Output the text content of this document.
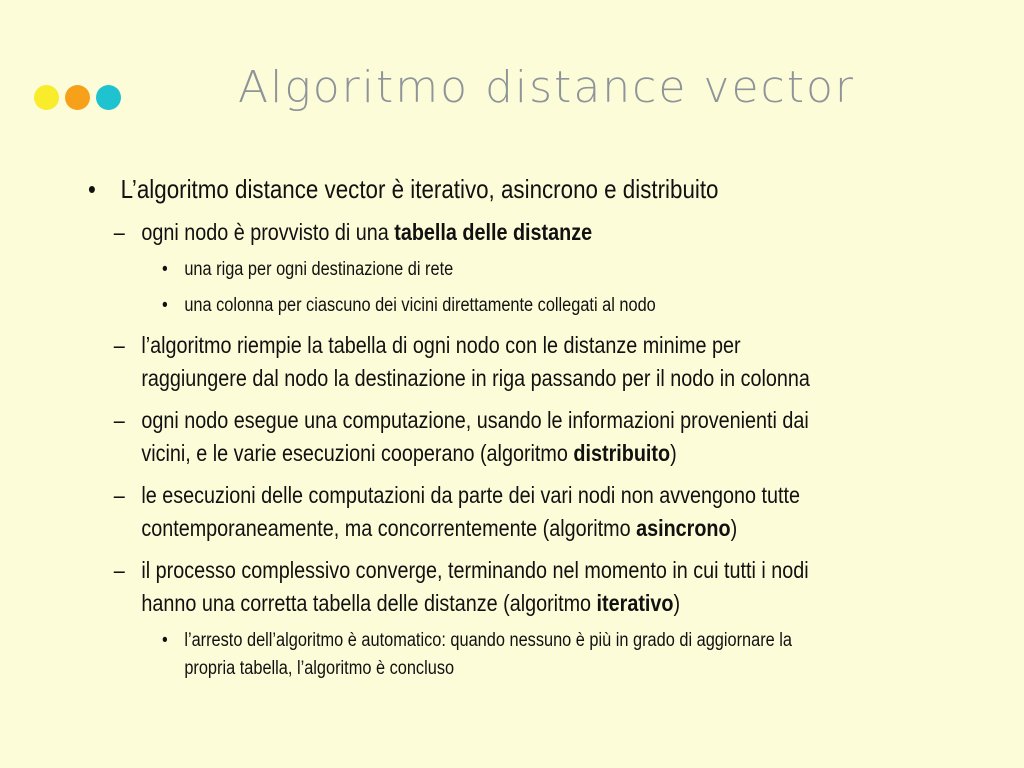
Algoritmo distance vector
• L’algoritmo distance vector è iterativo, asincrono e distribuito
– ogni nodo è provvisto di una tabella delle distanze
• una riga per ogni destinazione di rete
• una colonna per ciascuno dei vicini direttamente collegati al nodo
– l’algoritmo riempie la tabella di ogni nodo con le distanze minime per raggiungere dal nodo la destinazione in riga passando per il nodo in colonna
– ogni nodo esegue una computazione, usando le informazioni provenienti dai vicini, e le varie esecuzioni cooperano (algoritmo distribuito)
– le esecuzioni delle computazioni da parte dei vari nodi non avvengono tutte contemporaneamente, ma concorrentemente (algoritmo asincrono)
– il processo complessivo converge, terminando nel momento in cui tutti i nodi hanno una corretta tabella delle distanze (algoritmo iterativo)
• l’arresto dell’algoritmo è automatico: quando nessuno è più in grado di aggiornare la propria tabella, l’algoritmo è concluso
